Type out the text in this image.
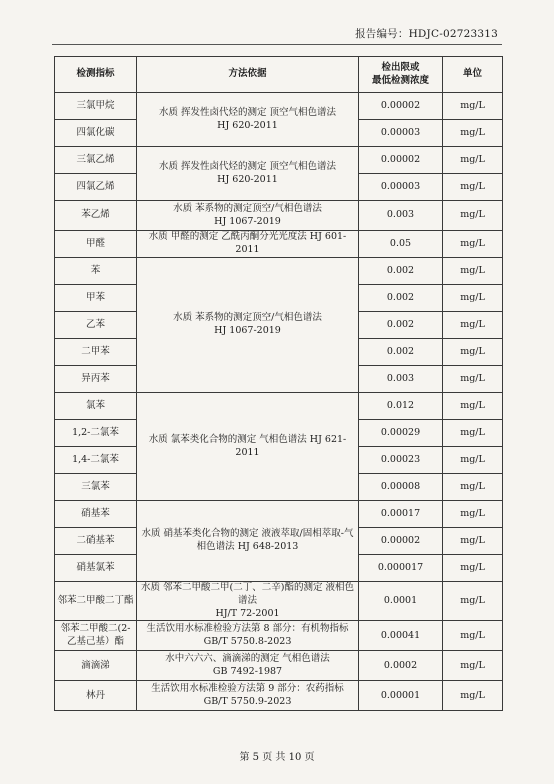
报告编号：HDJC-02723313
检测指标	方法依据	检出限或
最低检测浓度	单位
三氯甲烷	水质 挥发性卤代烃的测定 顶空气相色谱法
HJ 620-2011	0.00002	mg/L
四氯化碳		0.00003	mg/L
三氯乙烯	水质 挥发性卤代烃的测定 顶空气相色谱法
HJ 620-2011	0.00002	mg/L
四氯乙烯		0.00003	mg/L
苯乙烯	水质 苯系物的测定顶空/气相色谱法
HJ 1067-2019	0.003	mg/L
甲醛	水质 甲醛的测定 乙酰丙酮分光光度法 HJ 601-2011	0.05	mg/L
苯	水质 苯系物的测定顶空/气相色谱法
HJ 1067-2019	0.002	mg/L
甲苯		0.002	mg/L
乙苯		0.002	mg/L
二甲苯		0.002	mg/L
异丙苯		0.003	mg/L
氯苯	水质 氯苯类化合物的测定 气相色谱法 HJ 621-2011	0.012	mg/L
1,2-二氯苯		0.00029	mg/L
1,4-二氯苯		0.00023	mg/L
三氯苯		0.00008	mg/L
硝基苯	水质 硝基苯类化合物的测定 液液萃取/固相萃取-气相色谱法 HJ 648-2013	0.00017	mg/L
二硝基苯		0.00002	mg/L
硝基氯苯		0.000017	mg/L
邻苯二甲酸二丁酯	水质 邻苯二甲酸二甲(二丁、二辛)酯的测定 液相色谱法
HJ/T 72-2001	0.0001	mg/L
邻苯二甲酸二(2-乙基己基）酯	生活饮用水标准检验方法第 8 部分：有机物指标
GB/T 5750.8-2023	0.00041	mg/L
滴滴涕	水中六六六、滴滴涕的测定 气相色谱法
GB 7492-1987	0.0002	mg/L
林丹	生活饮用水标准检验方法第 9 部分：农药指标
GB/T 5750.9-2023	0.00001	mg/L
第 5 页 共 10 页
